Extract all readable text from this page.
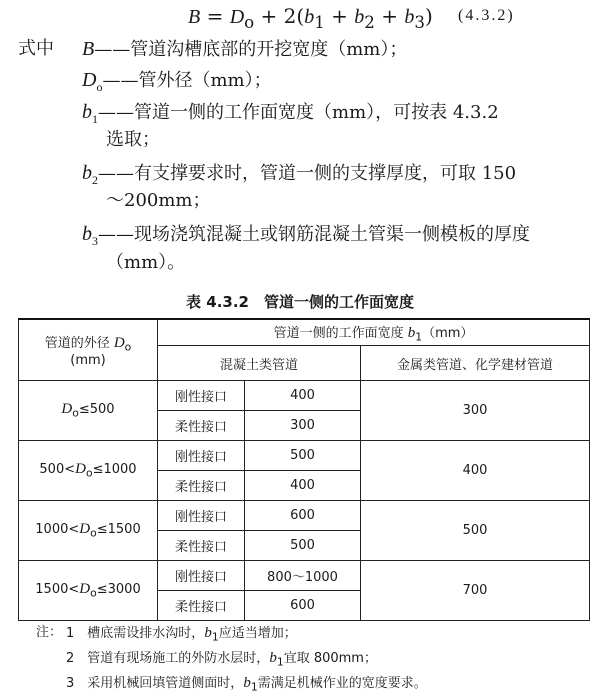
$B = D_o + 2(b_1 + b_2 + b_3)$ (4.3.2)
式中 B——管道沟槽底部的开挖宽度（mm）；
$D_o——$管外径（mm）；
$b_1——$管道一侧的工作面宽度（mm），可按表 4.3.2
选取；
$b_2——$有支撑要求时，管道一侧的支撑厚度，可取 150
～200mm；
$b_3——$现场浇筑混凝土或钢筋混凝土管渠一侧模板的厚度
（mm）。
表 4.3.2　管道一侧的工作面宽度
管道的外径 $D_o$
(mm)	管道一侧的工作面宽度 $b_1(mm)$		
	混凝土类管道		金属类管道、化学建材管道
$D_o\le 500$	刚性接口	400	300
	柔性接口	300	
$500<D_o\le 1000$	刚性接口	500	400
	柔性接口	400	
$1000<D_o\le 1500$	刚性接口	600	500
	柔性接口	500	
$1500<D_o\le 3000$	刚性接口	800～1000	700
	柔性接口	600	
注： 1　 槽底需设排水沟时，$b_1$应适当增加；
2　 管道有现场施工的外防水层时，$b_1$宜取 800mm；
3　 采用机械回填管道侧面时，$b_1$需满足机械作业的宽度要求。
